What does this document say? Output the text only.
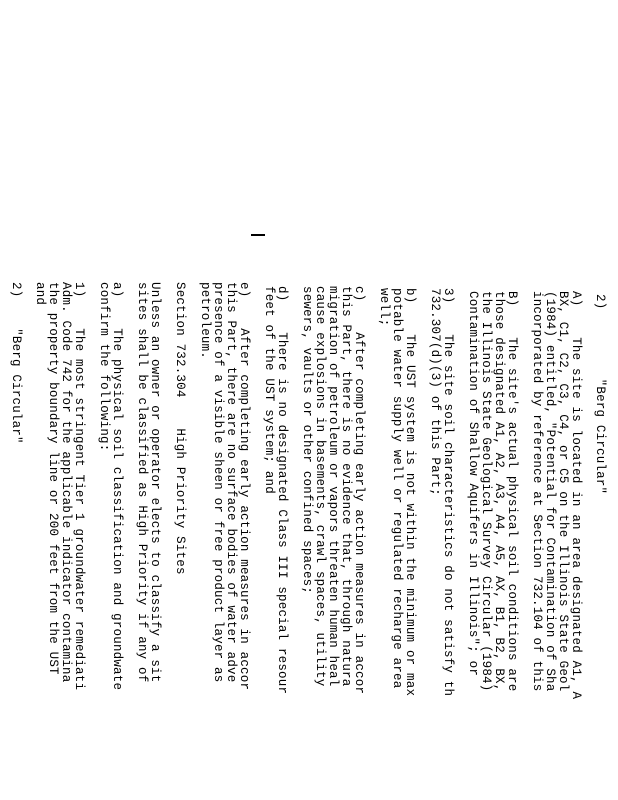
2)         "Berg Circular"
A)    The site is located in an area designated A1, A
BX, C1, C2, C3, C4, or C5 on the Illinois State Geol
(1984) entitled, "Potential for Contamination of Sha
incorporated by reference at Section 732.104 of this
B)    The site's actual physical soil conditions are
those designated A1, A2, A3, A4, A5, AX, B1, B2, BX,
the Illinois State Geological Survey Circular (1984)
Contamination of Shallow Aquifers in Illinois"; or
3)    The site soil characteristics do not satisfy th
732.307(d)(3) of this Part;
b)    The UST system is not within the minimum or max
potable water supply well or regulated recharge area
well;
c)    After completing early action measures in accor
this Part, there is no evidence that, through natura
migration of petroleum or vapors threaten human heal
cause explosions in basements, crawl spaces, utility
sewers, vaults or other confined spaces;
d)    There is no designated Class III special resour
feet of the UST system; and
e)    After completing early action measures in accor
this Part, there are no surface bodies of water adve
presence of a visible sheen or free product layer as
petroleum.
Section 732.304    High Priority Sites
Unless an owner or operator elects to classify a sit
sites shall be classified as High Priority if any of
a)    The physical soil classification and groundwate
confirm the following:
1)    The most stringent Tier 1 groundwater remediati
Adm. Code 742 for the applicable indicator contamina
the property boundary line or 200 feet from the UST
and
2)    "Berg Circular"
